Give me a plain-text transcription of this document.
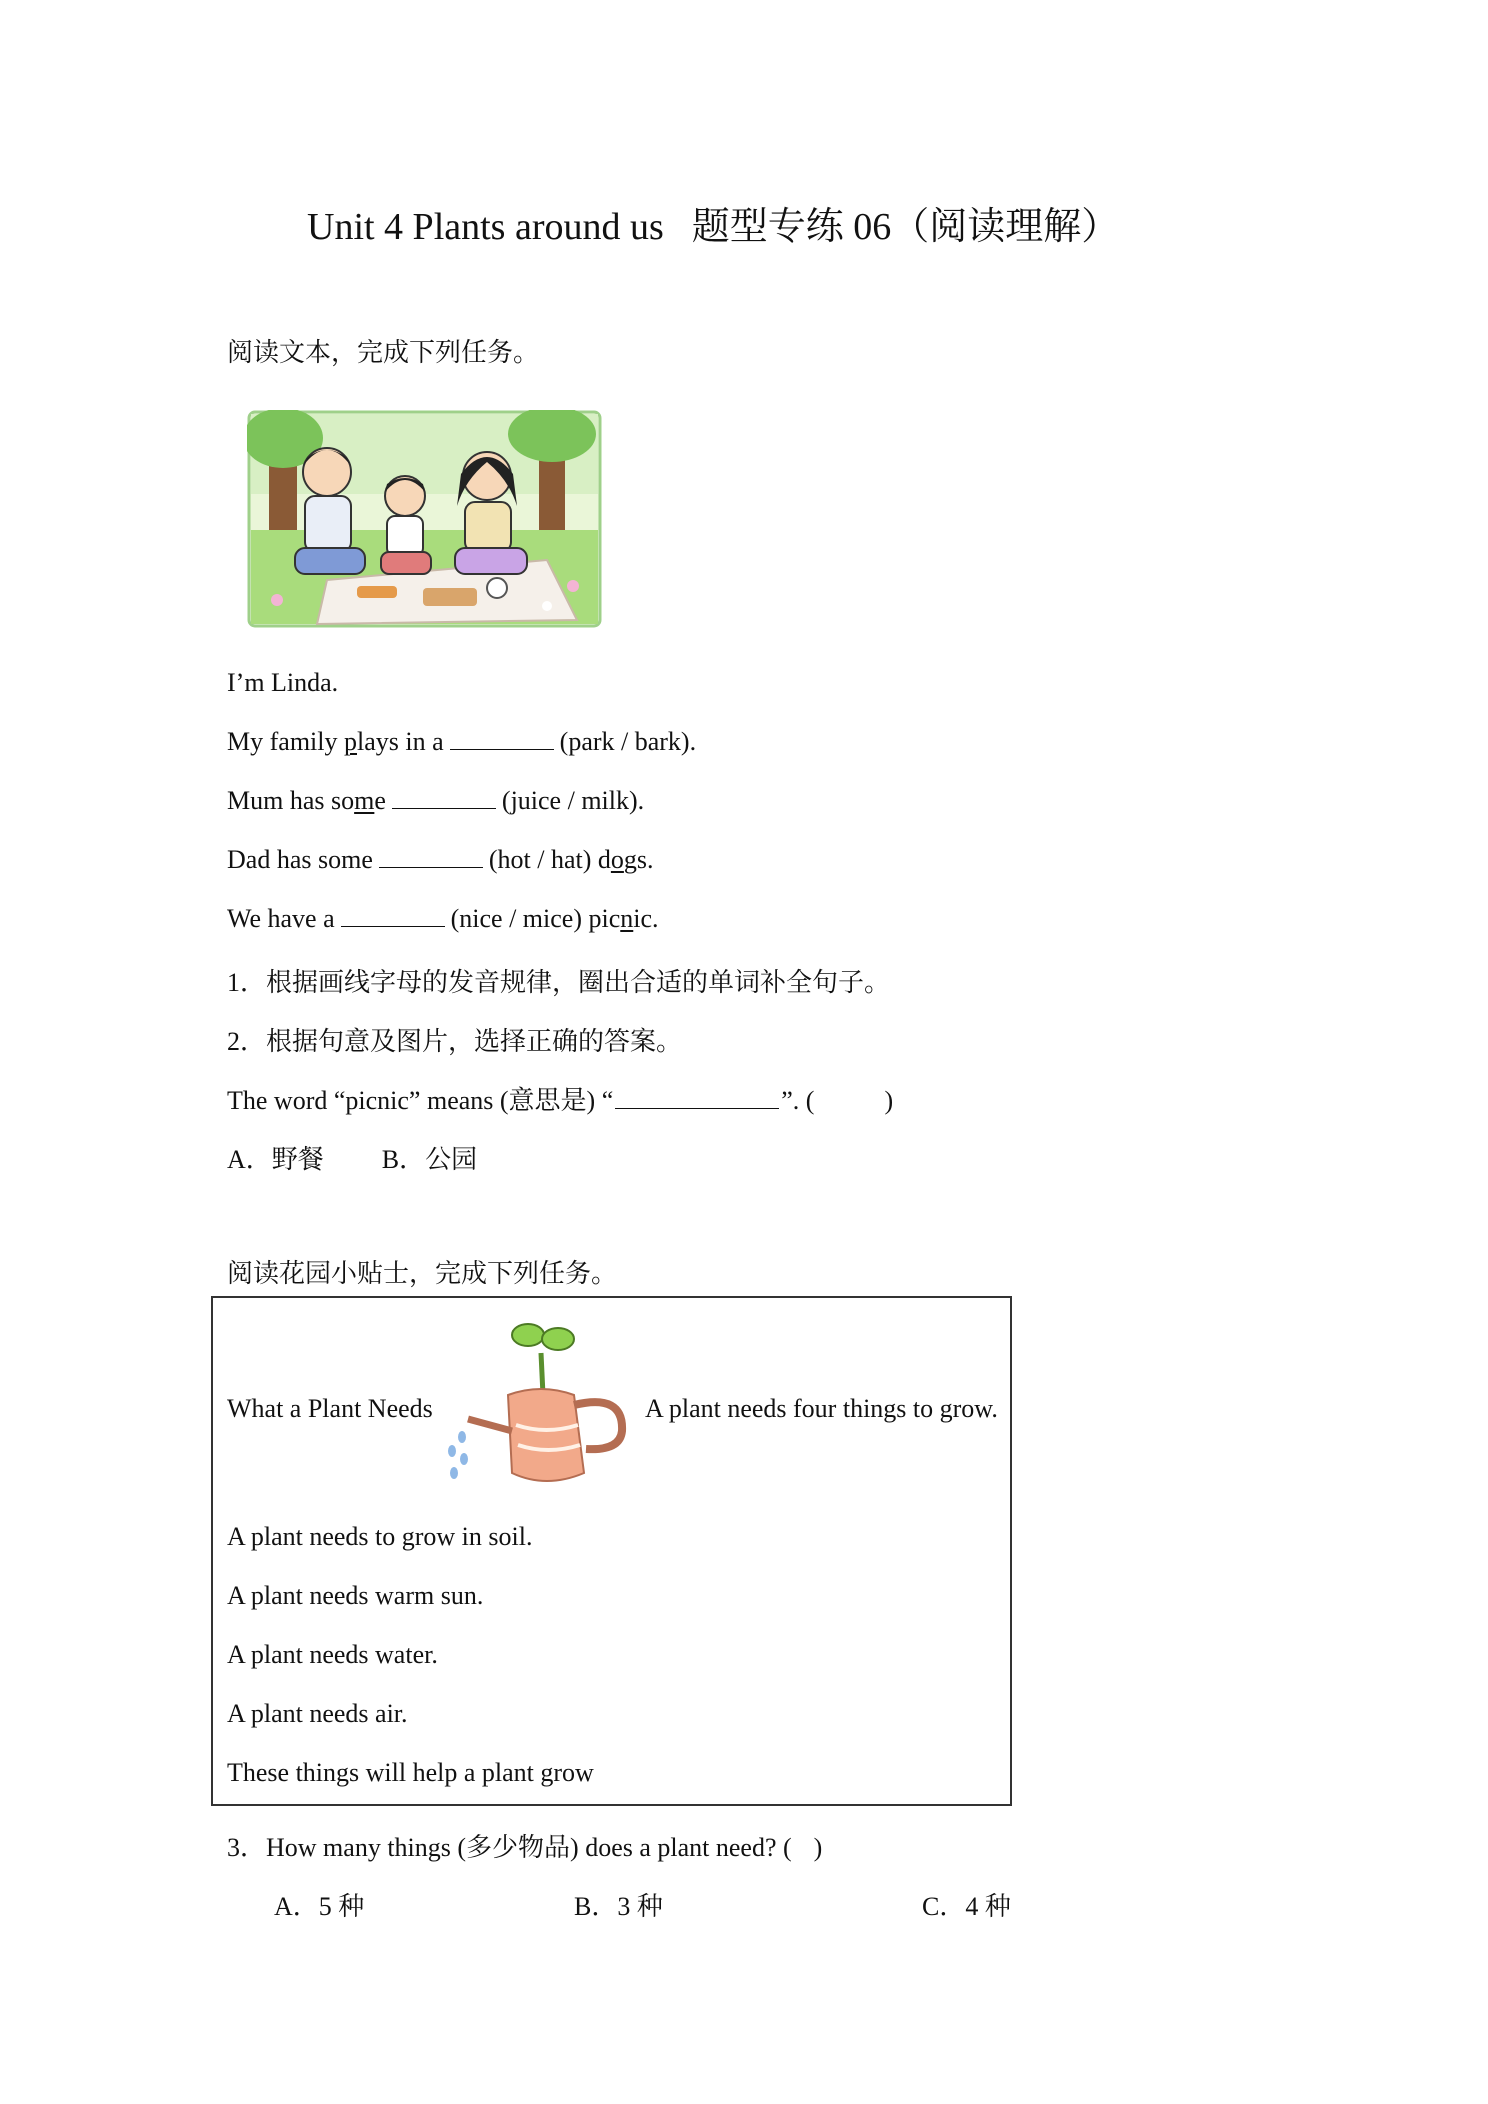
Unit 4 Plants around us 题型专练 06（阅读理解）
阅读文本，完成下列任务。
I’m Linda.
My family plays in a	(park / bark).
Mum has some	(juice / milk).
Dad has some	(hot / hat) dogs.
We have a	(nice / mice) picnic.
1．根据画线字母的发音规律，圈出合适的单词补全句子。
2．根据句意及图片，选择正确的答案。
The word “picnic” means (意思是) “	”. (	)
A．野餐 B．公园
阅读花园小贴士，完成下列任务。
What a Plant Needs	A plant needs four things to grow.
A plant needs to grow in soil.
A plant needs warm sun.
A plant needs water.
A plant needs air.
These things will help a plant grow
3．How many things (多少物品) does a plant need? ( )
A．5 种	B．3 种	C．4 种
